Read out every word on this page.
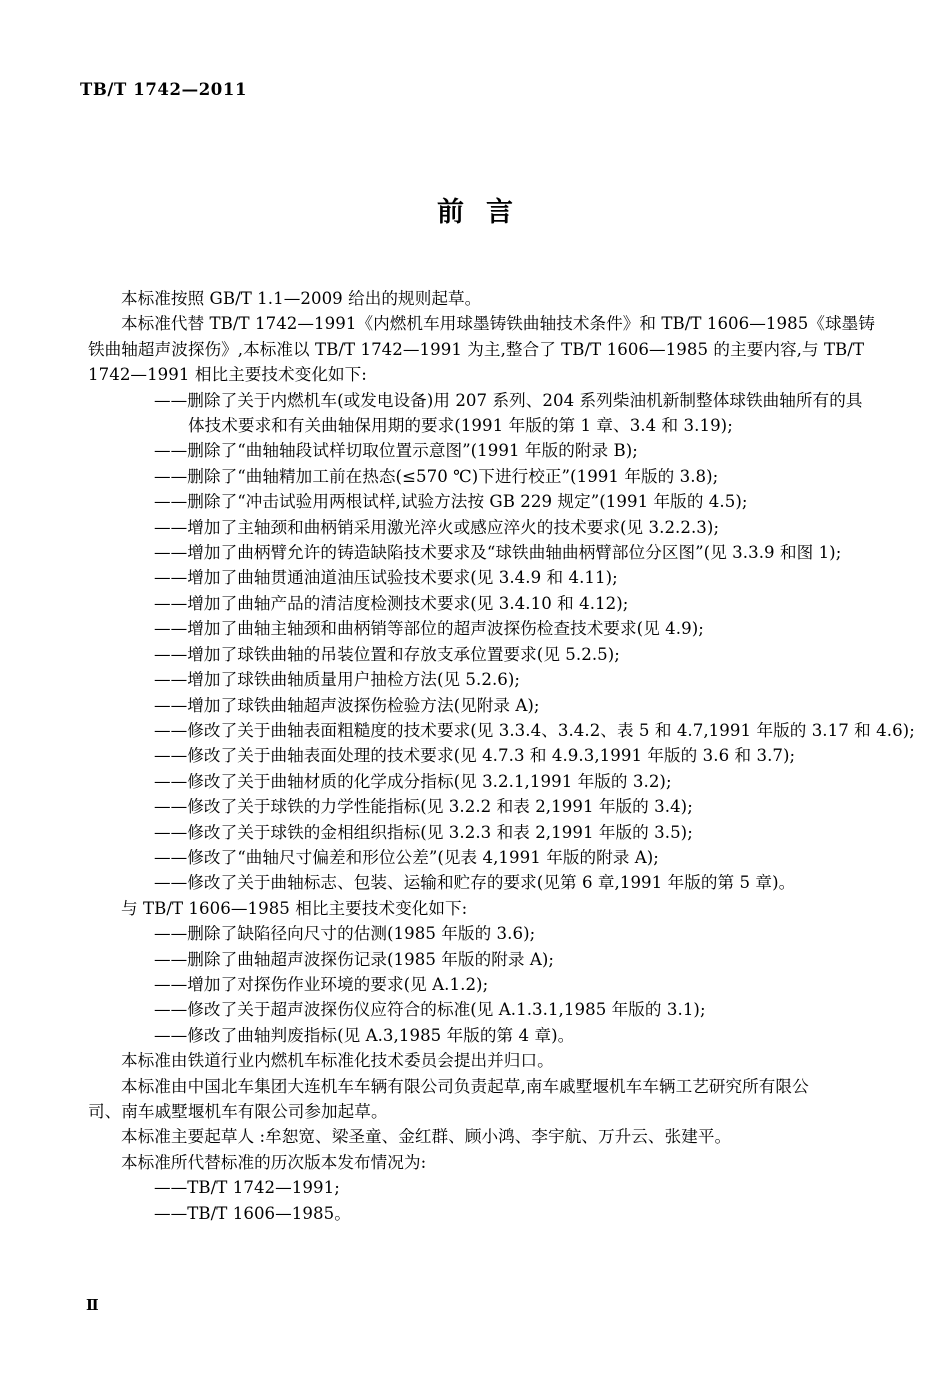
TB/T 1742—2011
前言
本标准按照 GB/T 1.1—2009 给出的规则起草。
本标准代替 TB/T 1742—1991《内燃机车用球墨铸铁曲轴技术条件》和 TB/T 1606—1985《球墨铸
铁曲轴超声波探伤》,本标准以 TB/T 1742—1991 为主,整合了 TB/T 1606—1985 的主要内容,与 TB/T
1742—1991 相比主要技术变化如下:
——删除了关于内燃机车(或发电设备)用 207 系列、204 系列柴油机新制整体球铁曲轴所有的具
体技术要求和有关曲轴保用期的要求(1991 年版的第 1 章、3.4 和 3.19);
——删除了“曲轴轴段试样切取位置示意图”(1991 年版的附录 B);
——删除了“曲轴精加工前在热态(≤570 ℃)下进行校正”(1991 年版的 3.8);
——删除了“冲击试验用两根试样,试验方法按 GB 229 规定”(1991 年版的 4.5);
——增加了主轴颈和曲柄销采用激光淬火或感应淬火的技术要求(见 3.2.2.3);
——增加了曲柄臂允许的铸造缺陷技术要求及“球铁曲轴曲柄臂部位分区图”(见 3.3.9 和图 1);
——增加了曲轴贯通油道油压试验技术要求(见 3.4.9 和 4.11);
——增加了曲轴产品的清洁度检测技术要求(见 3.4.10 和 4.12);
——增加了曲轴主轴颈和曲柄销等部位的超声波探伤检查技术要求(见 4.9);
——增加了球铁曲轴的吊装位置和存放支承位置要求(见 5.2.5);
——增加了球铁曲轴质量用户抽检方法(见 5.2.6);
——增加了球铁曲轴超声波探伤检验方法(见附录 A);
——修改了关于曲轴表面粗糙度的技术要求(见 3.3.4、3.4.2、表 5 和 4.7,1991 年版的 3.17 和 4.6);
——修改了关于曲轴表面处理的技术要求(见 4.7.3 和 4.9.3,1991 年版的 3.6 和 3.7);
——修改了关于曲轴材质的化学成分指标(见 3.2.1,1991 年版的 3.2);
——修改了关于球铁的力学性能指标(见 3.2.2 和表 2,1991 年版的 3.4);
——修改了关于球铁的金相组织指标(见 3.2.3 和表 2,1991 年版的 3.5);
——修改了“曲轴尺寸偏差和形位公差”(见表 4,1991 年版的附录 A);
——修改了关于曲轴标志、包装、运输和贮存的要求(见第 6 章,1991 年版的第 5 章)。
与 TB/T 1606—1985 相比主要技术变化如下:
——删除了缺陷径向尺寸的估测(1985 年版的 3.6);
——删除了曲轴超声波探伤记录(1985 年版的附录 A);
——增加了对探伤作业环境的要求(见 A.1.2);
——修改了关于超声波探伤仪应符合的标准(见 A.1.3.1,1985 年版的 3.1);
——修改了曲轴判废指标(见 A.3,1985 年版的第 4 章)。
本标准由铁道行业内燃机车标准化技术委员会提出并归口。
本标准由中国北车集团大连机车车辆有限公司负责起草,南车戚墅堰机车车辆工艺研究所有限公
司、南车戚墅堰机车有限公司参加起草。
本标准主要起草人 :牟恕宽、梁圣童、金红群、顾小鸿、李宇航、万升云、张建平。
本标准所代替标准的历次版本发布情况为:
——TB/T 1742—1991;
——TB/T 1606—1985。
Ⅱ
